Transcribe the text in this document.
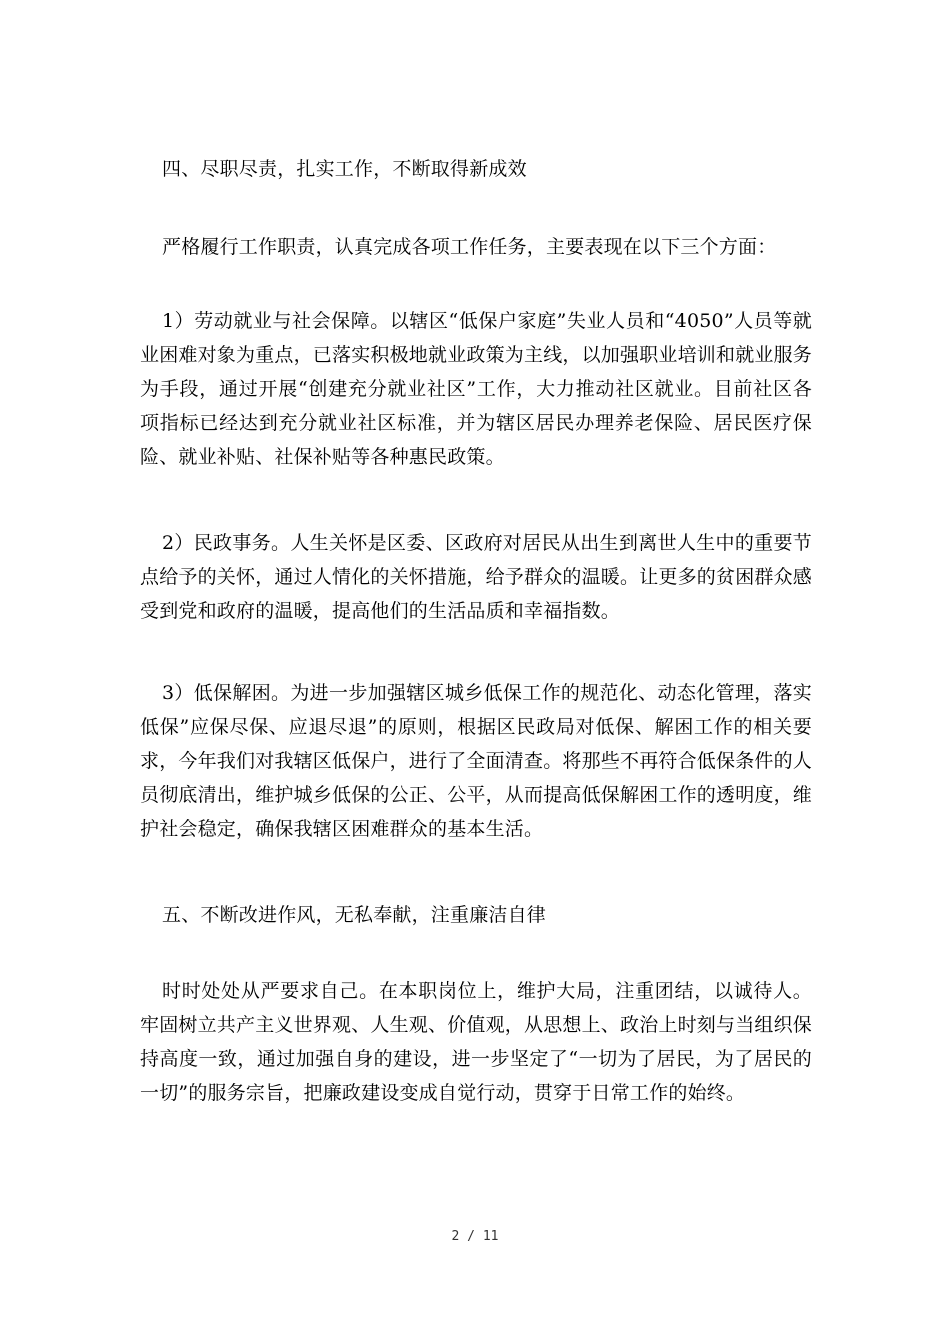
四、尽职尽责，扎实工作，不断取得新成效

严格履行工作职责，认真完成各项工作任务，主要表现在以下三个方面：

1）劳动就业与社会保障。以辖区“低保户家庭”失业人员和“4050”人员等就业困难对象为重点，已落实积极地就业政策为主线，以加强职业培训和就业服务为手段，通过开展“创建充分就业社区”工作，大力推动社区就业。目前社区各项指标已经达到充分就业社区标准，并为辖区居民办理养老保险、居民医疗保险、就业补贴、社保补贴等各种惠民政策。

2）民政事务。人生关怀是区委、区政府对居民从出生到离世人生中的重要节点给予的关怀，通过人情化的关怀措施，给予群众的温暖。让更多的贫困群众感受到党和政府的温暖，提高他们的生活品质和幸福指数。

3）低保解困。为进一步加强辖区城乡低保工作的规范化、动态化管理，落实低保”应保尽保、应退尽退”的原则，根据区民政局对低保、解困工作的相关要求，今年我们对我辖区低保户，进行了全面清查。将那些不再符合低保条件的人员彻底清出，维护城乡低保的公正、公平，从而提高低保解困工作的透明度，维护社会稳定，确保我辖区困难群众的基本生活。

五、不断改进作风，无私奉献，注重廉洁自律

时时处处从严要求自己。在本职岗位上，维护大局，注重团结，以诚待人。牢固树立共产主义世界观、人生观、价值观，从思想上、政治上时刻与当组织保持高度一致，通过加强自身的建设，进一步坚定了“一切为了居民，为了居民的一切”的服务宗旨，把廉政建设变成自觉行动，贯穿于日常工作的始终。

2 / 11
